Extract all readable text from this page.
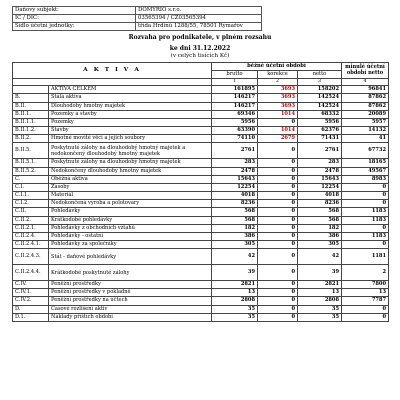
Daňový subjekt:	DOMYRIO s.r.o.
IČ / DIČ:	03565394 / CZ03565394
Sídlo účetní jednotky:	třída Hrdinů 1288/55, 78501 Rýmařov
Rozvaha pro podnikatele, v plném rozsahu
ke dni 31.12.2022
(v celých tisících Kč)
A K T I V A		běžné účetní období			minulé účetní období netto
		brutto	korekce	netto	
		1	2	3	4
	AKTIVA CELKEM	161895	3693	158202	96841
B.	Stálá aktiva	146217	3693	142524	87862
B.II.	Dlouhodobý hmotný majetek	146217	3693	142524	87862
B.II.1.	Pozemky a stavby	69346	1014	68332	20089
B.II.1.1.	Pozemky	5956	0	5956	5957
B.II.1.2.	Stavby	63390	1014	62376	14132
B.II.2.	Hmotné movité věci a jejich soubory	74110	2679	71431	41
B.II.5.	Poskytnuté zálohy na dlouhodobý hmotný majetek a nedokončený dlouhodobý hmotný majetek	2761	0	2761	67732
B.II.5.1.	Poskytnuté zálohy na dlouhodobý hmotný majetek	283	0	283	18165
B.II.5.2.	Nedokončený dlouhodobý hmotný majetek	2478	0	2478	49567
C.	Oběžná aktiva	15643	0	15643	8983
C.I.	Zásoby	12254	0	12254	0
C.I.1.	Materiál	4018	0	4018	0
C.I.2.	Nedokončená výroba a polotovary	8236	0	8236	0
C.II.	Pohledávky	568	0	568	1183
C.II.2.	Krátkodobé pohledávky	568	0	568	1183
C.II.2.1.	Pohledávky z obchodních vztahů	182	0	182	0
C.II.2.4.	Pohledávky - ostatní	386	0	386	1183
C.II.2.4.1.	Pohledávky za společníky	305	0	305	0
C.II.2.4.3.	Stát - daňové pohledávky	42	0	42	1181
C.II.2.4.4.	Krátkodobé poskytnuté zálohy	39	0	39	2
C.IV.	Peněžní prostředky	2821	0	2821	7800
C.IV.1.	Peněžní prostředky v pokladně	13	0	13	13
C.IV.2.	Peněžní prostředky na účtech	2808	0	2808	7787
D.	Časové rozlišení aktiv	35	0	35	0
D.1.	Náklady příštích období	35	0	35	0
